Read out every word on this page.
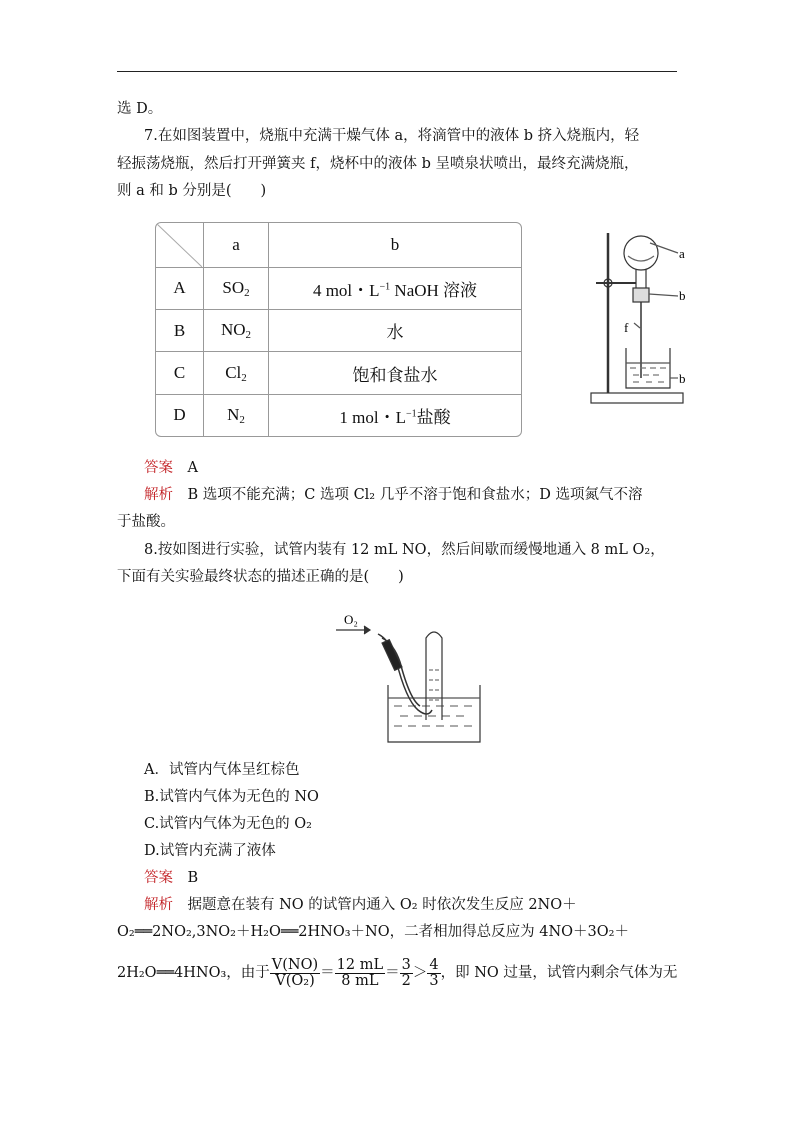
选 D。
7.在如图装置中，烧瓶中充满干燥气体 a，将滴管中的液体 b 挤入烧瓶内，轻
轻振荡烧瓶，然后打开弹簧夹 f，烧杯中的液体 b 呈喷泉状喷出，最终充满烧瓶，
则 a 和 b 分别是(　　)
	a	b
A	$SO_2$	4 mol・$L^{-1}$ NaOH 溶液
B	$NO_2$	水
C	$Cl_2$	饱和食盐水
D	$N_2$	1 mol・$L^{-1}$盐酸
a
b
f
b
答案　 A
解析　 B 选项不能充满；C 选项 Cl₂ 几乎不溶于饱和食盐水；D 选项氮气不溶
于盐酸。
8.按如图进行实验，试管内装有 12 mL NO，然后间歇而缓慢地通入 8 mL O₂，
下面有关实验最终状态的描述正确的是(　　)
O₂
A．试管内气体呈红棕色
B.试管内气体为无色的 NO
C.试管内气体为无色的 O₂
D.试管内充满了液体
答案　 B
解析　 据题意在装有 NO 的试管内通入 O₂ 时依次发生反应 2NO＋
O₂══2NO₂,3NO₂＋H₂O══2HNO₃＋NO，二者相加得总反应为 4NO＋3O₂＋
2H₂O══4HNO₃，由于 $\frac{V(NO)}{\text{V(O₂)}} = \frac{12 mL}{8 mL} = \frac{3}{2} > \frac{4}{3}$ ，即 NO 过量，试管内剩余气体为无
